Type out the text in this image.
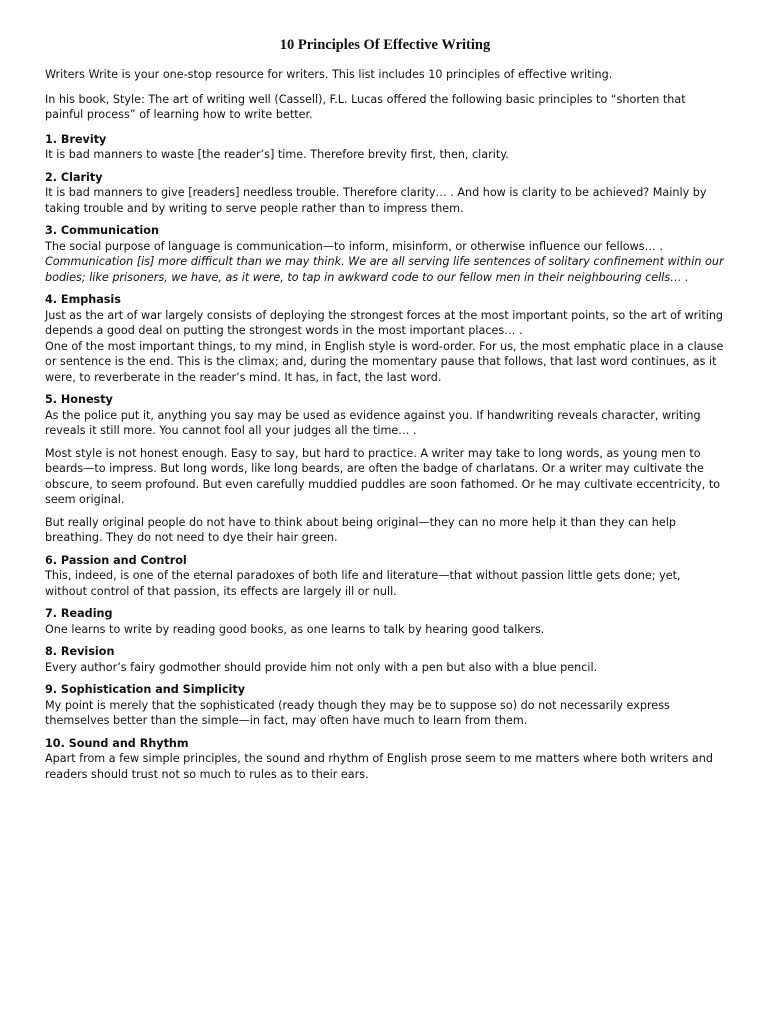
10 Principles Of Effective Writing

Writers Write is your one-stop resource for writers. This list includes 10 principles of effective writing.

In his book, Style: The art of writing well (Cassell), F.L. Lucas offered the following basic principles to “shorten that painful process” of learning how to write better.

1. Brevity

It is bad manners to waste [the reader’s] time. Therefore brevity first, then, clarity.

2. Clarity

It is bad manners to give [readers] needless trouble. Therefore clarity… . And how is clarity to be achieved? Mainly by taking trouble and by writing to serve people rather than to impress them.

3. Communication

The social purpose of language is communication—to inform, misinform, or otherwise influence our fellows… .

Communication [is] more difficult than we may think. We are all serving life sentences of solitary confinement within our bodies; like prisoners, we have, as it were, to tap in awkward code to our fellow men in their neighbouring cells… .

4. Emphasis

Just as the art of war largely consists of deploying the strongest forces at the most important points, so the art of writing depends a good deal on putting the strongest words in the most important places… .

One of the most important things, to my mind, in English style is word-order. For us, the most emphatic place in a clause or sentence is the end. This is the climax; and, during the momentary pause that follows, that last word continues, as it were, to reverberate in the reader’s mind. It has, in fact, the last word.

5. Honesty

As the police put it, anything you say may be used as evidence against you. If handwriting reveals character, writing reveals it still more. You cannot fool all your judges all the time… .

Most style is not honest enough. Easy to say, but hard to practice. A writer may take to long words, as young men to beards—to impress. But long words, like long beards, are often the badge of charlatans. Or a writer may cultivate the obscure, to seem profound. But even carefully muddied puddles are soon fathomed. Or he may cultivate eccentricity, to seem original.

But really original people do not have to think about being original—they can no more help it than they can help breathing. They do not need to dye their hair green.

6. Passion and Control

This, indeed, is one of the eternal paradoxes of both life and literature—that without passion little gets done; yet, without control of that passion, its effects are largely ill or null.

7. Reading

One learns to write by reading good books, as one learns to talk by hearing good talkers.

8. Revision

Every author’s fairy godmother should provide him not only with a pen but also with a blue pencil.

9. Sophistication and Simplicity

My point is merely that the sophisticated (ready though they may be to suppose so) do not necessarily express themselves better than the simple—in fact, may often have much to learn from them.

10. Sound and Rhythm

Apart from a few simple principles, the sound and rhythm of English prose seem to me matters where both writers and readers should trust not so much to rules as to their ears.
